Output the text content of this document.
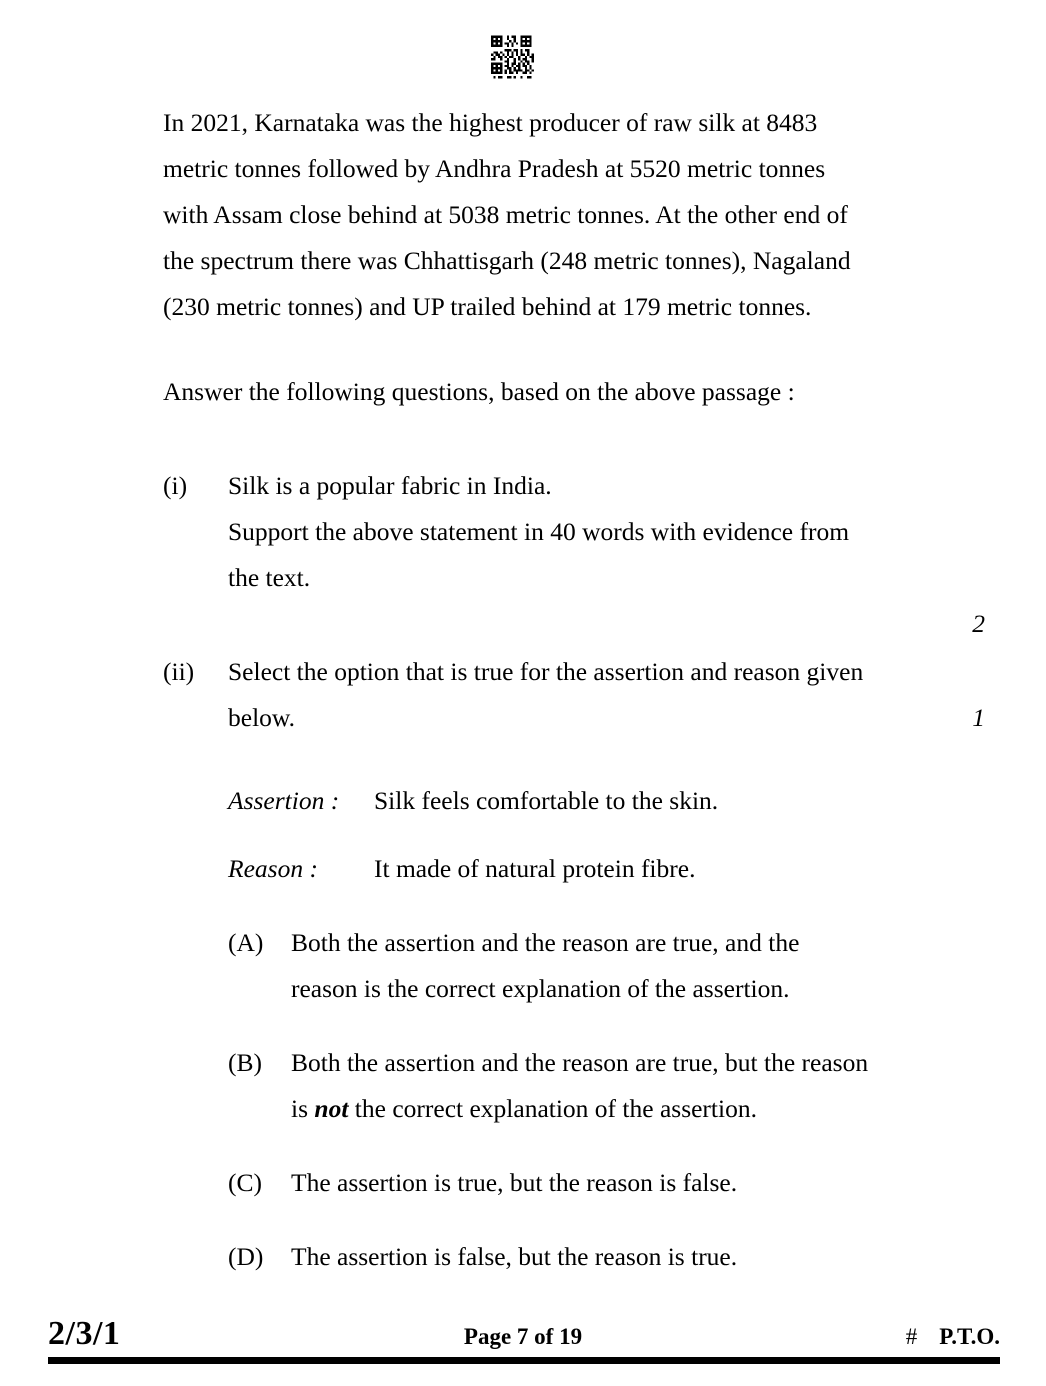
In 2021, Karnataka was the highest producer of raw silk at 8483
metric tonnes followed by Andhra Pradesh at 5520 metric tonnes
with Assam close behind at 5038 metric tonnes. At the other end of
the spectrum there was Chhattisgarh (248 metric tonnes), Nagaland
(230 metric tonnes) and UP trailed behind at 179 metric tonnes.
Answer the following questions, based on the above passage :
(i)	Silk is a popular fabric in India.
Support the above statement in 40 words with evidence from
the text.
2
(ii)	Select the option that is true for the assertion and reason given
below.	1
Assertion :	Silk feels comfortable to the skin.
Reason :	It made of natural protein fibre.
(A)	Both the assertion and the reason are true, and the
reason is the correct explanation of the assertion.
(B)	Both the assertion and the reason are true, but the reason
is not the correct explanation of the assertion.
(C)	The assertion is true, but the reason is false.
(D)	The assertion is false, but the reason is true.
2/3/1	Page 7 of 19	# P.T.O.
